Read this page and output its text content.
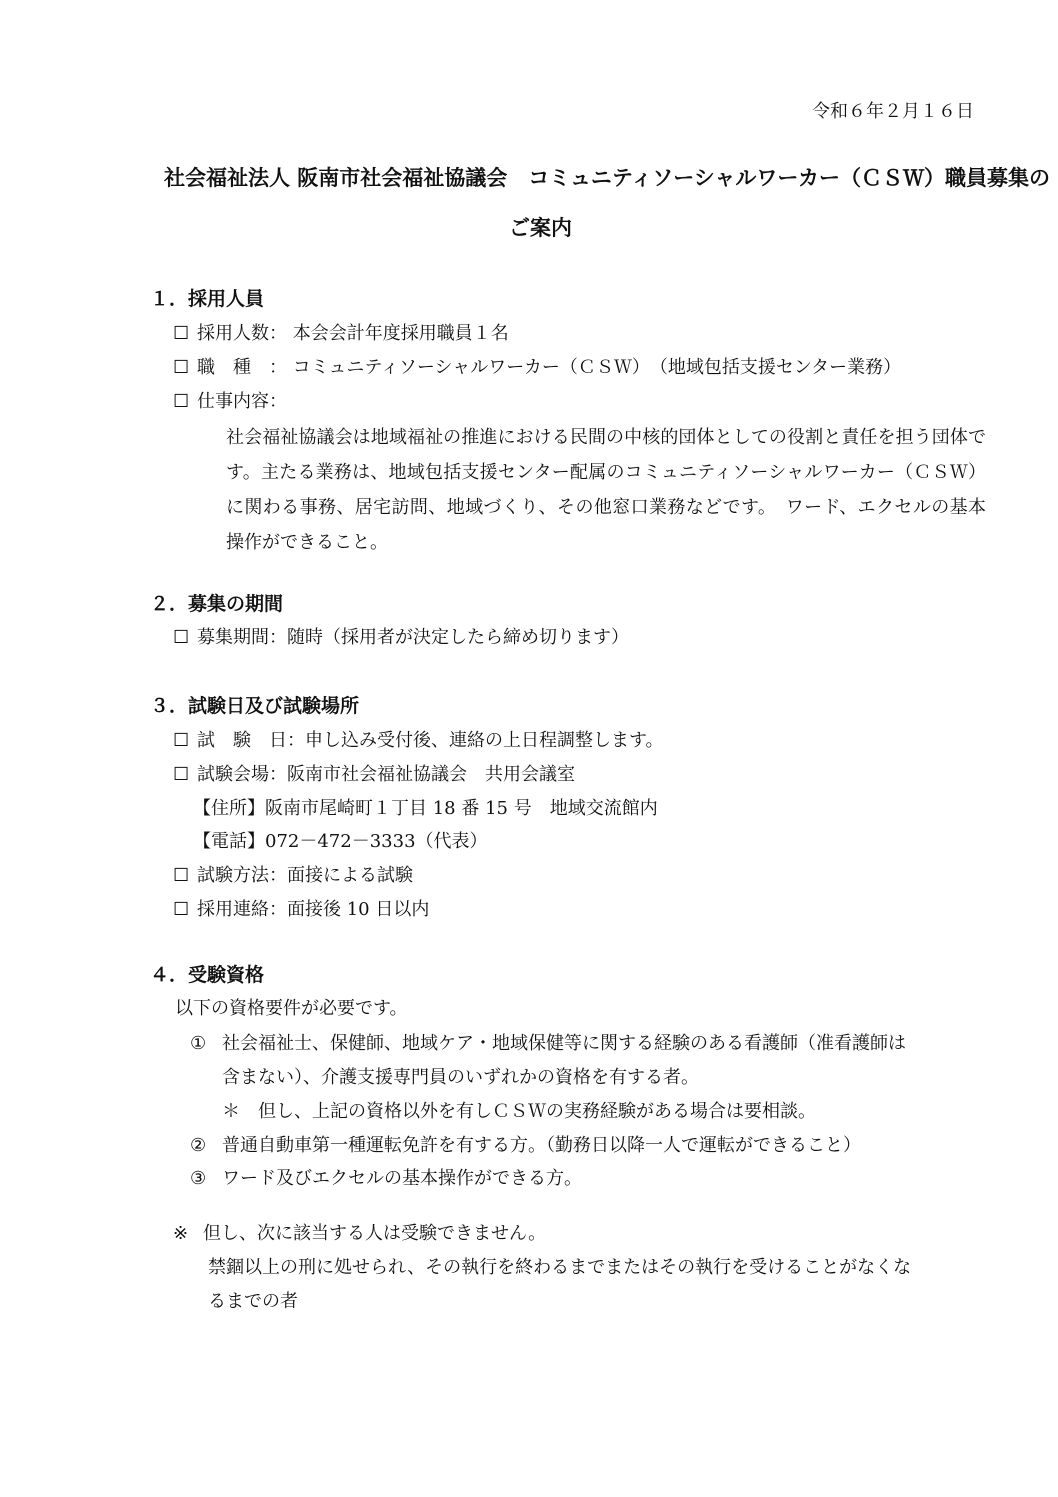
令和６年２月１６日
社会福祉法人 阪南市社会福祉協議会　コミュニティソーシャルワーカー（ＣＳＷ）職員募集の
ご案内
１．採用人員
☐ 採用人数： 本会会計年度採用職員１名
☐ 職　種　： コミュニティソーシャルワーカー（ＣＳＷ）　（地域包括支援センター業務）
☐ 仕事内容：
社会福祉協議会は地域福祉の推進における民間の中核的団体としての役割と責任を担う団体です。主たる業務は、地域包括支援センター配属のコミュニティソーシャルワーカー（ＣＳＷ）に関わる事務、居宅訪問、地域づくり、その他窓口業務などです。　ワード、エクセルの基本操作ができること。
２．募集の期間
☐ 募集期間：随時（採用者が決定したら締め切ります）
３．試験日及び試験場所
☐ 試　験　日：申し込み受付後、連絡の上日程調整します。
☐ 試験会場：阪南市社会福祉協議会　共用会議室
【住所】阪南市尾崎町１丁目 18 番 15 号　地域交流館内
【電話】072－472－3333（代表）
☐ 試験方法：面接による試験
☐ 採用連絡：面接後 10 日以内
４．受験資格
以下の資格要件が必要です。
① 社会福祉士、保健師、地域ケア・地域保健等に関する経験のある看護師（准看護師は
含まない）、介護支援専門員のいずれかの資格を有する者。
＊　但し、上記の資格以外を有しＣＳＷの実務経験がある場合は要相談。
② 普通自動車第一種運転免許を有する方。（勤務日以降一人で運転ができること）
③ ワード及びエクセルの基本操作ができる方。
※ 但し、次に該当する人は受験できません。
禁錮以上の刑に処せられ、その執行を終わるまでまたはその執行を受けることがなくな
るまでの者
